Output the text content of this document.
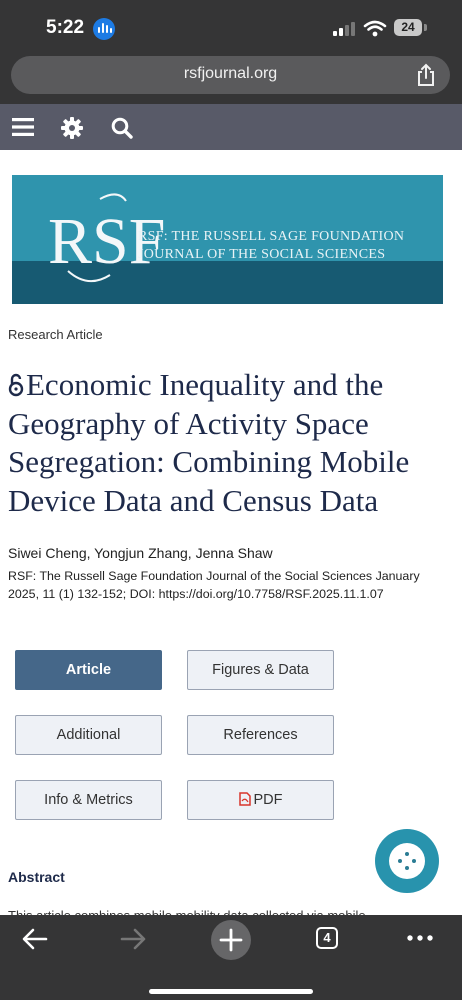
5:22	24
rsfjournal.org
RSF
RSF: THE RUSSELL SAGE FOUNDATION
JOURNAL OF THE SOCIAL SCIENCES
Research Article
Economic Inequality and the Geography of Activity Space Segregation: Combining Mobile Device Data and Census Data
Siwei Cheng, Yongjun Zhang, Jenna Shaw
RSF: The Russell Sage Foundation Journal of the Social Sciences January 2025, 11 (1) 132-152; DOI: https://doi.org/10.7758/RSF.2025.11.1.07
Article	Figures & Data
Additional	References
Info & Metrics	PDF
Abstract
4
